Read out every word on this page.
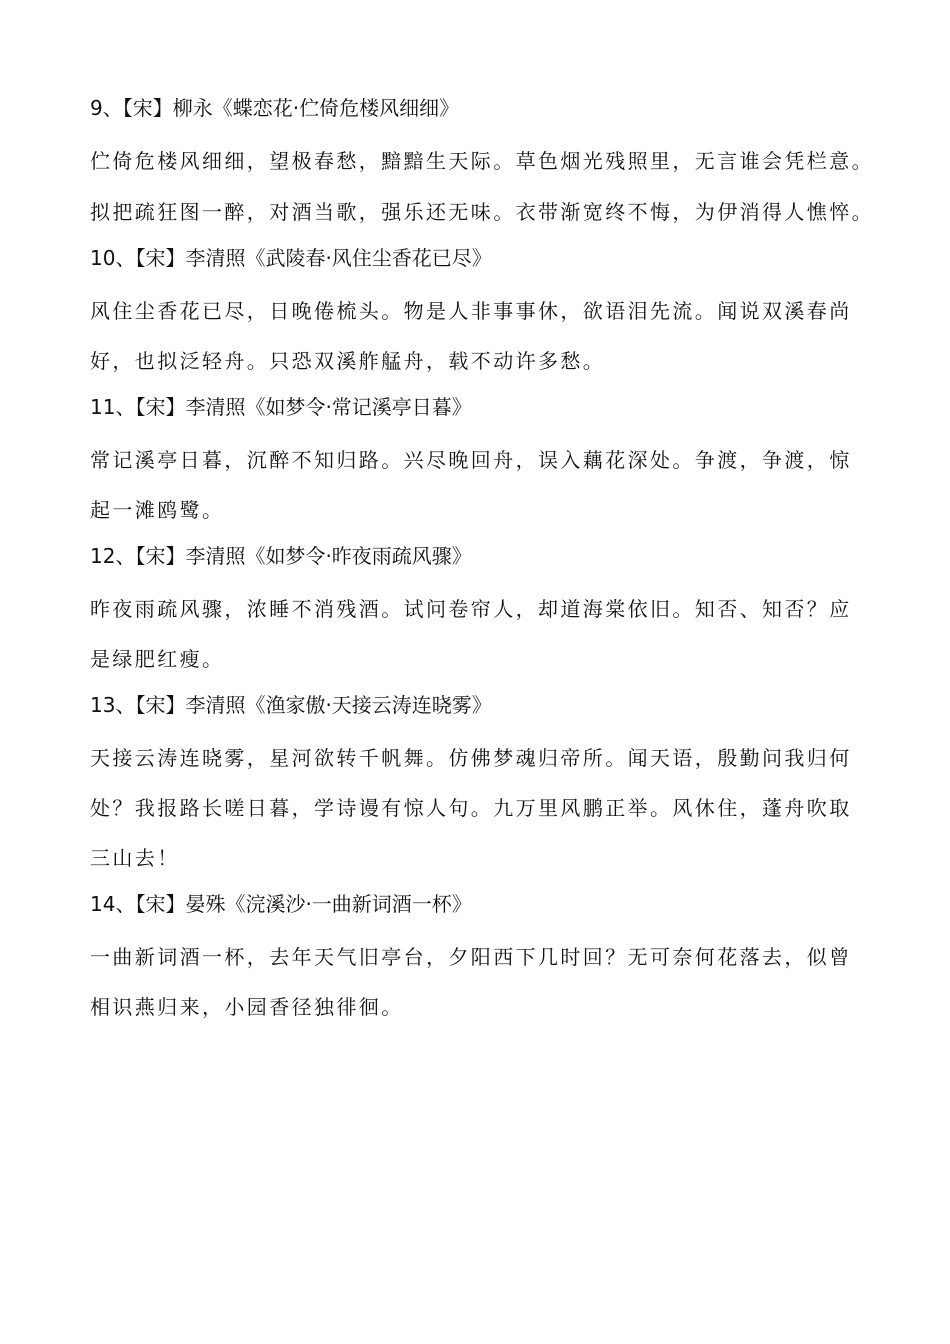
9、【宋】柳永《蝶恋花·伫倚危楼风细细》
伫倚危楼风细细，望极春愁，黯黯生天际。草色烟光残照里，无言谁会凭栏意。
拟把疏狂图一醉，对酒当歌，强乐还无味。衣带渐宽终不悔，为伊消得人憔悴。
10、【宋】李清照《武陵春·风住尘香花已尽》
风住尘香花已尽，日晚倦梳头。物是人非事事休，欲语泪先流。闻说双溪春尚
好，也拟泛轻舟。只恐双溪舴艋舟，载不动许多愁。
11、【宋】李清照《如梦令·常记溪亭日暮》
常记溪亭日暮，沉醉不知归路。兴尽晚回舟，误入藕花深处。争渡，争渡，惊
起一滩鸥鹭。
12、【宋】李清照《如梦令·昨夜雨疏风骤》
昨夜雨疏风骤，浓睡不消残酒。试问卷帘人，却道海棠依旧。知否、知否？应
是绿肥红瘦。
13、【宋】李清照《渔家傲·天接云涛连晓雾》
天接云涛连晓雾，星河欲转千帆舞。仿佛梦魂归帝所。闻天语，殷勤问我归何
处？我报路长嗟日暮，学诗谩有惊人句。九万里风鹏正举。风休住，蓬舟吹取
三山去！
14、【宋】晏殊《浣溪沙·一曲新词酒一杯》
一曲新词酒一杯，去年天气旧亭台，夕阳西下几时回？无可奈何花落去，似曾
相识燕归来，小园香径独徘徊。
